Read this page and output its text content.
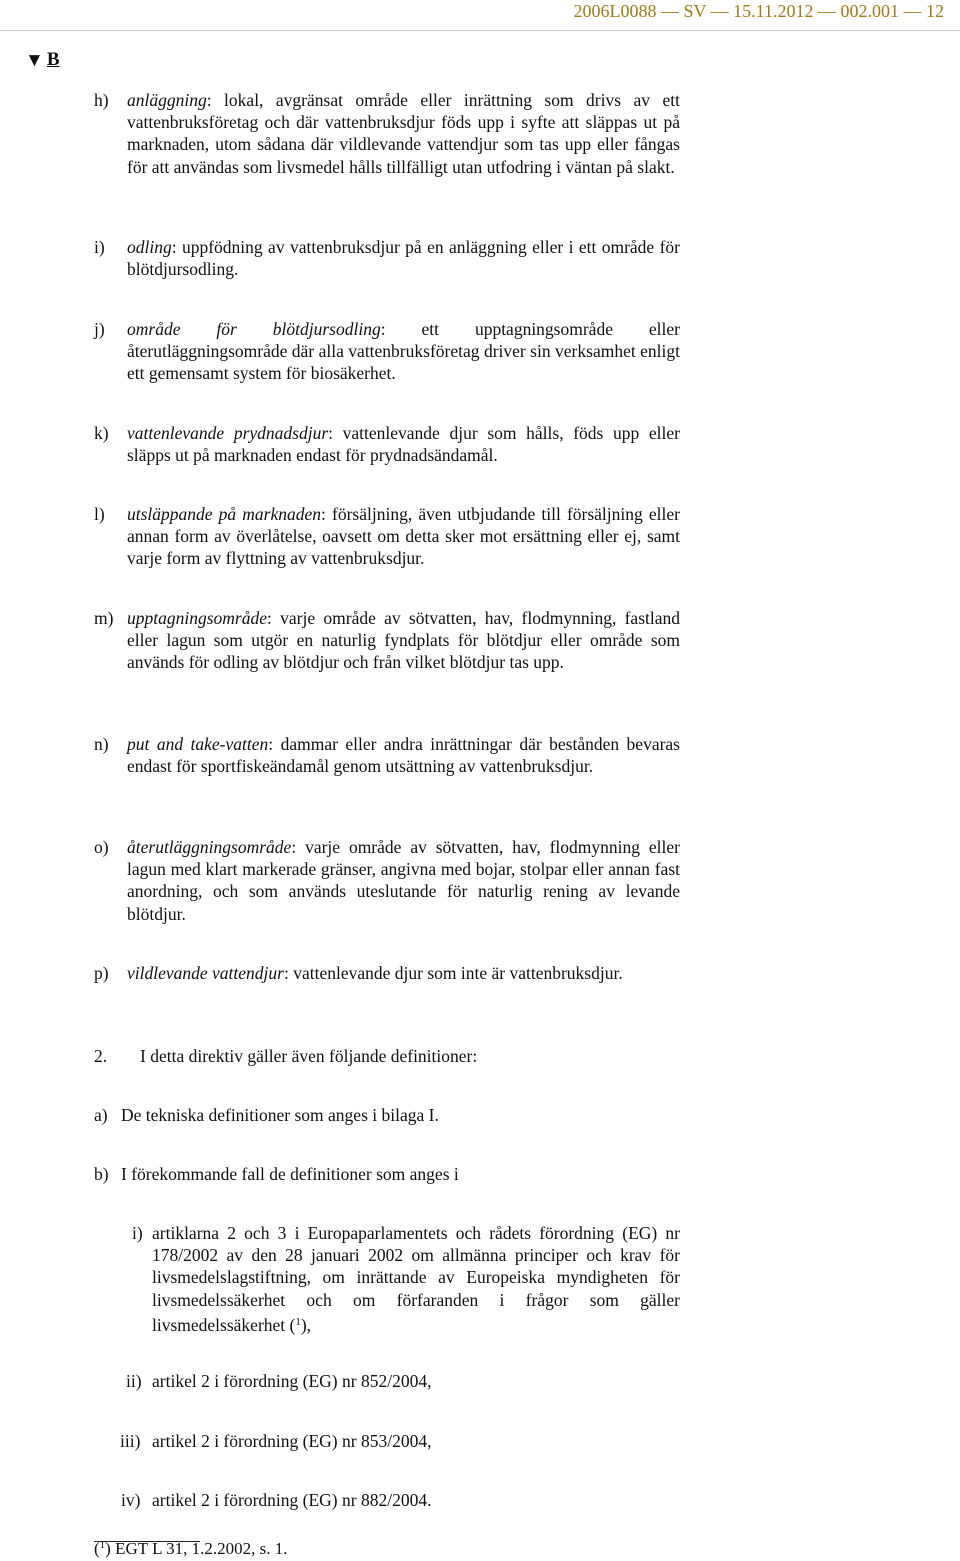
2006L0088 — SV — 15.11.2012 — 002.001 — 12
▼ B
h)	anläggning: lokal, avgränsat område eller inrättning som drivs av ett vattenbruksföretag och där vattenbruksdjur föds upp i syfte att släppas ut på marknaden, utom sådana där vildlevande vattendjur som tas upp eller fångas för att användas som livsmedel hålls tillfälligt utan utfodring i väntan på slakt.
i)	odling: uppfödning av vattenbruksdjur på en anläggning eller i ett område för blötdjursodling.
j)	område för blötdjursodling: ett upptagningsområde eller återutläggningsområde där alla vattenbruksföretag driver sin verksamhet enligt ett gemensamt system för biosäkerhet.
k)	vattenlevande prydnadsdjur: vattenlevande djur som hålls, föds upp eller släpps ut på marknaden endast för prydnadsändamål.
l)	utsläppande på marknaden: försäljning, även utbjudande till försäljning eller annan form av överlåtelse, oavsett om detta sker mot ersättning eller ej, samt varje form av flyttning av vattenbruksdjur.
m) upptagningsområde: varje område av sötvatten, hav, flodmynning, fastland eller lagun som utgör en naturlig fyndplats för blötdjur eller område som används för odling av blötdjur och från vilket blötdjur tas upp.
n)	put and take-vatten: dammar eller andra inrättningar där bestånden bevaras endast för sportfiskeändamål genom utsättning av vattenbruksdjur.
o)	återutläggningsområde: varje område av sötvatten, hav, flodmynning eller lagun med klart markerade gränser, angivna med bojar, stolpar eller annan fast anordning, och som används uteslutande för naturlig rening av levande blötdjur.
p)	vildlevande vattendjur: vattenlevande djur som inte är vattenbruksdjur.
2. I detta direktiv gäller även följande definitioner:
a) De tekniska definitioner som anges i bilaga I.
b) I förekommande fall de definitioner som anges i
i) artiklarna 2 och 3 i Europaparlamentets och rådets förordning (EG) nr 178/2002 av den 28 januari 2002 om allmänna principer och krav för livsmedelslagstiftning, om inrättande av Europeiska myndigheten för livsmedelssäkerhet och om förfaranden i frågor som gäller livsmedelssäkerhet ($^1$),
ii) artikel 2 i förordning (EG) nr 852/2004,
iii) artikel 2 i förordning (EG) nr 853/2004,
iv) artikel 2 i förordning (EG) nr 882/2004.
($^1$) EGT L 31, 1.2.2002, s. 1.
